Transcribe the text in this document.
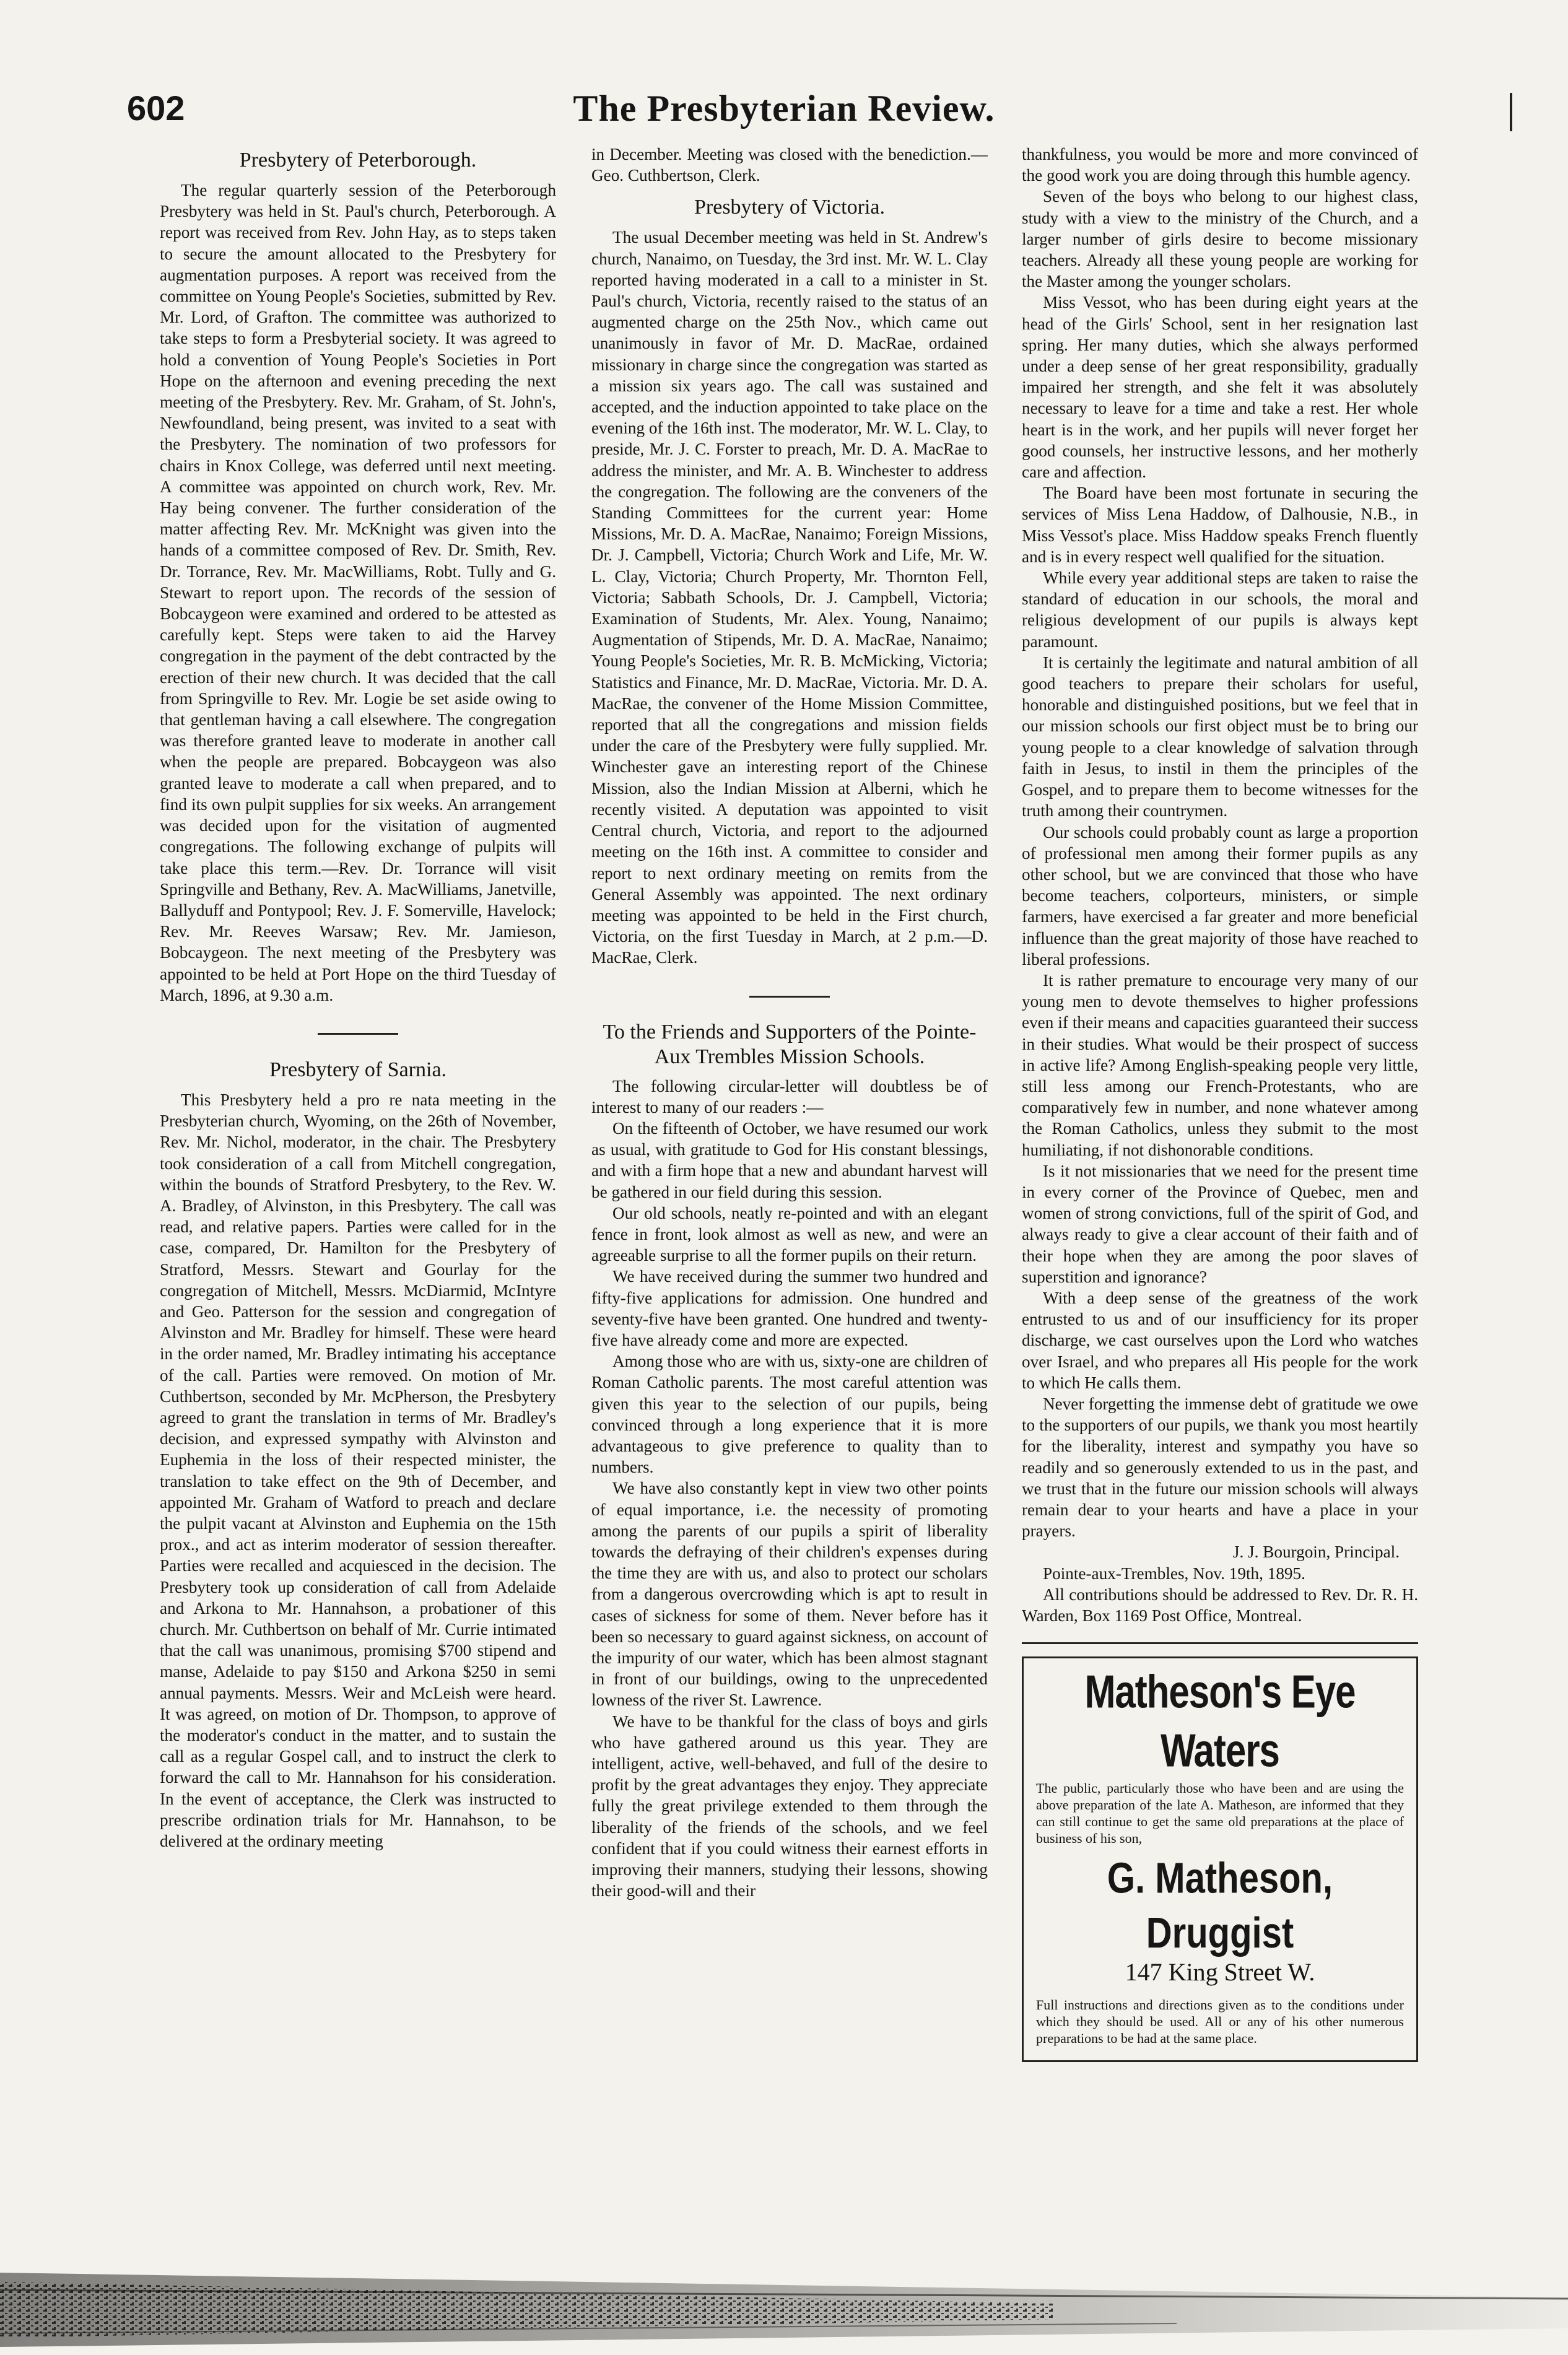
602	The Presbyterian Review.
Presbytery of Peterborough.

The regular quarterly session of the Peterborough Presbytery was held in St. Paul's church, Peterborough. A report was received from Rev. John Hay, as to steps taken to secure the amount allocated to the Presbytery for augmentation purposes. A report was received from the committee on Young People's Societies, submitted by Rev. Mr. Lord, of Grafton. The committee was authorized to take steps to form a Presbyterial society. It was agreed to hold a convention of Young People's Societies in Port Hope on the afternoon and evening preceding the next meeting of the Presbytery. Rev. Mr. Graham, of St. John's, Newfoundland, being present, was invited to a seat with the Presbytery. The nomination of two professors for chairs in Knox College, was deferred until next meeting. A committee was appointed on church work, Rev. Mr. Hay being convener. The further consideration of the matter affecting Rev. Mr. McKnight was given into the hands of a committee composed of Rev. Dr. Smith, Rev. Dr. Torrance, Rev. Mr. MacWilliams, Robt. Tully and G. Stewart to report upon. The records of the session of Bobcaygeon were examined and ordered to be attested as carefully kept. Steps were taken to aid the Harvey congregation in the payment of the debt contracted by the erection of their new church. It was decided that the call from Springville to Rev. Mr. Logie be set aside owing to that gentleman having a call elsewhere. The congregation was therefore granted leave to moderate in another call when the people are prepared. Bobcaygeon was also granted leave to moderate a call when prepared, and to find its own pulpit supplies for six weeks. An arrangement was decided upon for the visitation of augmented congregations. The following exchange of pulpits will take place this term.—Rev. Dr. Torrance will visit Springville and Bethany, Rev. A. MacWilliams, Janetville, Ballyduff and Pontypool; Rev. J. F. Somerville, Havelock; Rev. Mr. Reeves Warsaw; Rev. Mr. Jamieson, Bobcaygeon. The next meeting of the Presbytery was appointed to be held at Port Hope on the third Tuesday of March, 1896, at 9.30 a.m.

Presbytery of Sarnia.

This Presbytery held a pro re nata meeting in the Presbyterian church, Wyoming, on the 26th of November, Rev. Mr. Nichol, moderator, in the chair. The Presbytery took consideration of a call from Mitchell congregation, within the bounds of Stratford Presbytery, to the Rev. W. A. Bradley, of Alvinston, in this Presbytery. The call was read, and relative papers. Parties were called for in the case, compared, Dr. Hamilton for the Presbytery of Stratford, Messrs. Stewart and Gourlay for the congregation of Mitchell, Messrs. McDiarmid, McIntyre and Geo. Patterson for the session and congregation of Alvinston and Mr. Bradley for himself. These were heard in the order named, Mr. Bradley intimating his acceptance of the call. Parties were removed. On motion of Mr. Cuthbertson, seconded by Mr. McPherson, the Presbytery agreed to grant the translation in terms of Mr. Bradley's decision, and expressed sympathy with Alvinston and Euphemia in the loss of their respected minister, the translation to take effect on the 9th of December, and appointed Mr. Graham of Watford to preach and declare the pulpit vacant at Alvinston and Euphemia on the 15th prox., and act as interim moderator of session thereafter. Parties were recalled and acquiesced in the decision. The Presbytery took up consideration of call from Adelaide and Arkona to Mr. Hannahson, a probationer of this church. Mr. Cuthbertson on behalf of Mr. Currie intimated that the call was unanimous, promising $700 stipend and manse, Adelaide to pay $150 and Arkona $250 in semi annual payments. Messrs. Weir and McLeish were heard. It was agreed, on motion of Dr. Thompson, to approve of the moderator's conduct in the matter, and to sustain the call as a regular Gospel call, and to instruct the clerk to forward the call to Mr. Hannahson for his consideration. In the event of acceptance, the Clerk was instructed to prescribe ordination trials for Mr. Hannahson, to be delivered at the ordinary meeting

in December. Meeting was closed with the benediction.—Geo. Cuthbertson, Clerk.

Presbytery of Victoria.

The usual December meeting was held in St. Andrew's church, Nanaimo, on Tuesday, the 3rd inst. Mr. W. L. Clay reported having moderated in a call to a minister in St. Paul's church, Victoria, recently raised to the status of an augmented charge on the 25th Nov., which came out unanimously in favor of Mr. D. MacRae, ordained missionary in charge since the congregation was started as a mission six years ago. The call was sustained and accepted, and the induction appointed to take place on the evening of the 16th inst. The moderator, Mr. W. L. Clay, to preside, Mr. J. C. Forster to preach, Mr. D. A. MacRae to address the minister, and Mr. A. B. Winchester to address the congregation. The following are the conveners of the Standing Committees for the current year: Home Missions, Mr. D. A. MacRae, Nanaimo; Foreign Missions, Dr. J. Campbell, Victoria; Church Work and Life, Mr. W. L. Clay, Victoria; Church Property, Mr. Thornton Fell, Victoria; Sabbath Schools, Dr. J. Campbell, Victoria; Examination of Students, Mr. Alex. Young, Nanaimo; Augmentation of Stipends, Mr. D. A. MacRae, Nanaimo; Young People's Societies, Mr. R. B. McMicking, Victoria; Statistics and Finance, Mr. D. MacRae, Victoria. Mr. D. A. MacRae, the convener of the Home Mission Committee, reported that all the congregations and mission fields under the care of the Presbytery were fully supplied. Mr. Winchester gave an interesting report of the Chinese Mission, also the Indian Mission at Alberni, which he recently visited. A deputation was appointed to visit Central church, Victoria, and report to the adjourned meeting on the 16th inst. A committee to consider and report to next ordinary meeting on remits from the General Assembly was appointed. The next ordinary meeting was appointed to be held in the First church, Victoria, on the first Tuesday in March, at 2 p.m.—D. MacRae, Clerk.

To the Friends and Supporters of the Pointe-Aux Trembles Mission Schools.

The following circular-letter will doubtless be of interest to many of our readers :—

On the fifteenth of October, we have resumed our work as usual, with gratitude to God for His constant blessings, and with a firm hope that a new and abundant harvest will be gathered in our field during this session.

Our old schools, neatly re-pointed and with an elegant fence in front, look almost as well as new, and were an agreeable surprise to all the former pupils on their return.

We have received during the summer two hundred and fifty-five applications for admission. One hundred and seventy-five have been granted. One hundred and twenty-five have already come and more are expected.

Among those who are with us, sixty-one are children of Roman Catholic parents. The most careful attention was given this year to the selection of our pupils, being convinced through a long experience that it is more advantageous to give preference to quality than to numbers.

We have also constantly kept in view two other points of equal importance, i.e. the necessity of promoting among the parents of our pupils a spirit of liberality towards the defraying of their children's expenses during the time they are with us, and also to protect our scholars from a dangerous overcrowding which is apt to result in cases of sickness for some of them. Never before has it been so necessary to guard against sickness, on account of the impurity of our water, which has been almost stagnant in front of our buildings, owing to the unprecedented lowness of the river St. Lawrence.

We have to be thankful for the class of boys and girls who have gathered around us this year. They are intelligent, active, well-behaved, and full of the desire to profit by the great advantages they enjoy. They appreciate fully the great privilege extended to them through the liberality of the friends of the schools, and we feel confident that if you could witness their earnest efforts in improving their manners, studying their lessons, showing their good-will and their

thankfulness, you would be more and more convinced of the good work you are doing through this humble agency.

Seven of the boys who belong to our highest class, study with a view to the ministry of the Church, and a larger number of girls desire to become missionary teachers. Already all these young people are working for the Master among the younger scholars.

Miss Vessot, who has been during eight years at the head of the Girls' School, sent in her resignation last spring. Her many duties, which she always performed under a deep sense of her great responsibility, gradually impaired her strength, and she felt it was absolutely necessary to leave for a time and take a rest. Her whole heart is in the work, and her pupils will never forget her good counsels, her instructive lessons, and her motherly care and affection.

The Board have been most fortunate in securing the services of Miss Lena Haddow, of Dalhousie, N.B., in Miss Vessot's place. Miss Haddow speaks French fluently and is in every respect well qualified for the situation.

While every year additional steps are taken to raise the standard of education in our schools, the moral and religious development of our pupils is always kept paramount.

It is certainly the legitimate and natural ambition of all good teachers to prepare their scholars for useful, honorable and distinguished positions, but we feel that in our mission schools our first object must be to bring our young people to a clear knowledge of salvation through faith in Jesus, to instil in them the principles of the Gospel, and to prepare them to become witnesses for the truth among their countrymen.

Our schools could probably count as large a proportion of professional men among their former pupils as any other school, but we are convinced that those who have become teachers, colporteurs, ministers, or simple farmers, have exercised a far greater and more beneficial influence than the great majority of those have reached to liberal professions.

It is rather premature to encourage very many of our young men to devote themselves to higher professions even if their means and capacities guaranteed their success in their studies. What would be their prospect of success in active life? Among English-speaking people very little, still less among our French-Protestants, who are comparatively few in number, and none whatever among the Roman Catholics, unless they submit to the most humiliating, if not dishonorable conditions.

Is it not missionaries that we need for the present time in every corner of the Province of Quebec, men and women of strong convictions, full of the spirit of God, and always ready to give a clear account of their faith and of their hope when they are among the poor slaves of superstition and ignorance?

With a deep sense of the greatness of the work entrusted to us and of our insufficiency for its proper discharge, we cast ourselves upon the Lord who watches over Israel, and who prepares all His people for the work to which He calls them.

Never forgetting the immense debt of gratitude we owe to the supporters of our pupils, we thank you most heartily for the liberality, interest and sympathy you have so readily and so generously extended to us in the past, and we trust that in the future our mission schools will always remain dear to your hearts and have a place in your prayers.

J. J. Bourgoin, Principal.

Pointe-aux-Trembles, Nov. 19th, 1895.

All contributions should be addressed to Rev. Dr. R. H. Warden, Box 1169 Post Office, Montreal.

Matheson's Eye Waters
The public, particularly those who have been and are using the above preparation of the late A. Matheson, are informed that they can still continue to get the same old preparations at the place of business of his son,
G. Matheson, Druggist
147 King Street W.
Full instructions and directions given as to the conditions under which they should be used. All or any of his other numerous preparations to be had at the same place.
